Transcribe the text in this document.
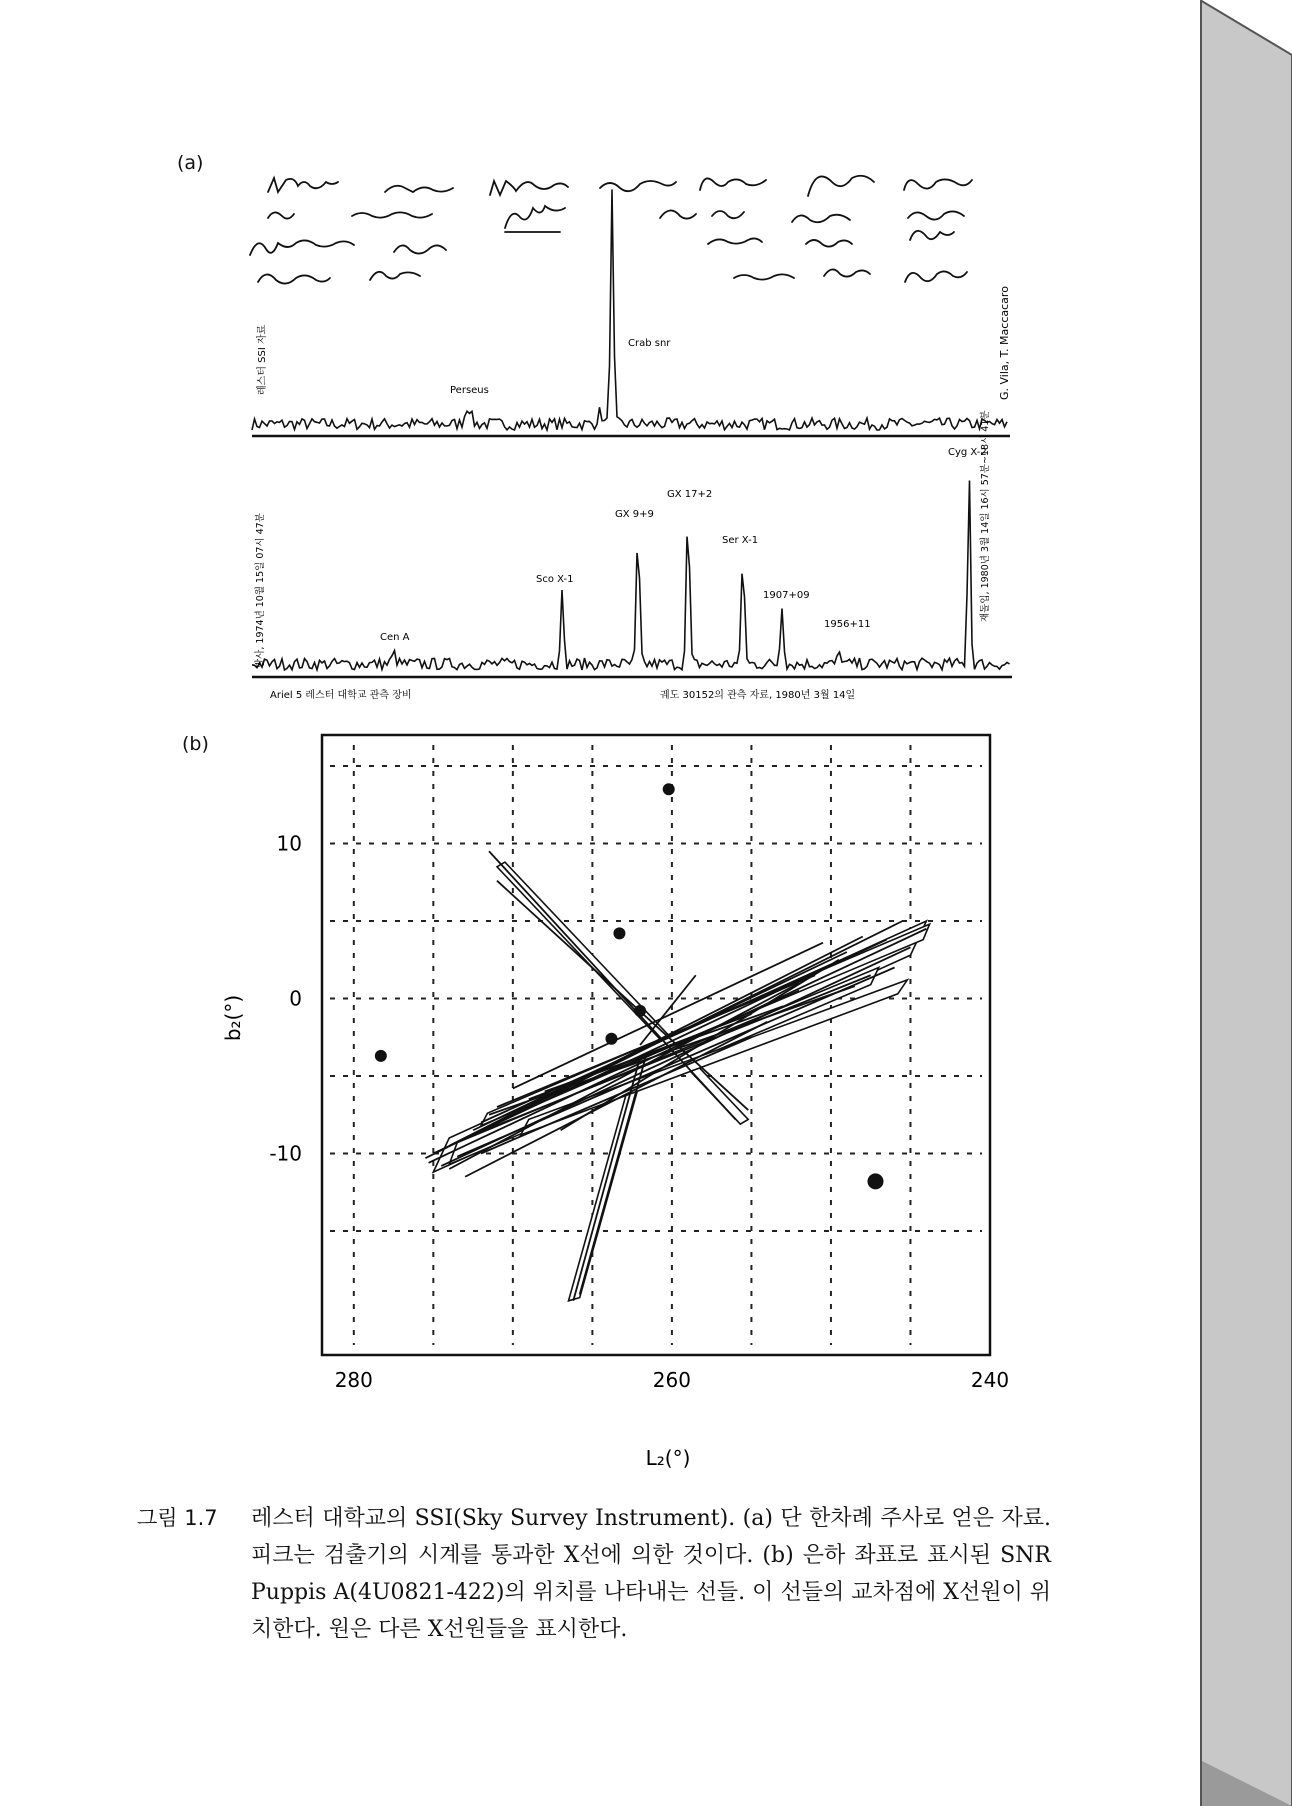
(a)
(b)
G. Vila, T. Maccacaro
레스터 SSI 자료	Perseus
Crab snr
발사, 1974년 10월 15일 07시 47분	재돌입, 1980년 3월 14일 16시 57분~18시 41분
Cen A
Sco X-1
GX 9+9
GX 17+2
Ser X-1
1907+09
1956+11
Cyg X-2
Ariel 5 레스터 대학교 관측 장비	궤도 30152의 관측 자료, 1980년 3월 14일
280	260	240
10
0
-10
L₂(°)
b₂(°)
그림 1.7 레스터 대학교의 SSI(Sky Survey Instrument). (a) 단 한차례 주사로 얻은 자료. 피크는 검출기의 시계를 통과한 X선에 의한 것이다. (b) 은하 좌표로 표시된 SNR Puppis A(4U0821-422)의 위치를 나타내는 선들. 이 선들의 교차점에 X선원이 위치한다. 원은 다른 X선원들을 표시한다.
